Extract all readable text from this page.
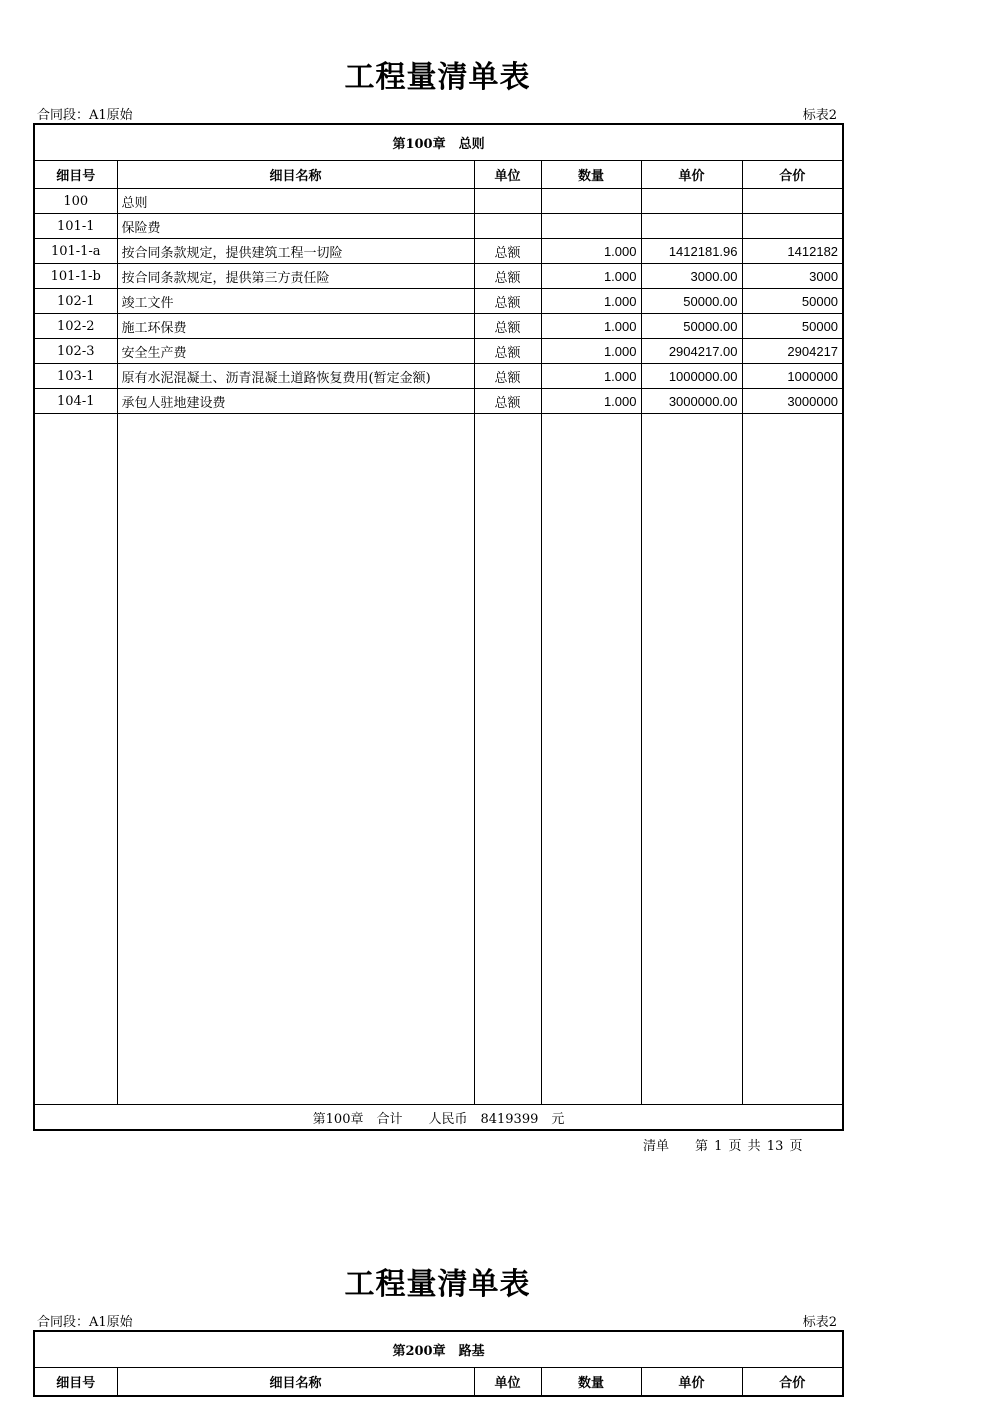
工程量清单表
合同段：A1原始	标表2
第100章　总则					
细目号	细目名称	单位	数量	单价	合价
100	总则				
101-1	保险费				
101-1-a	按合同条款规定，提供建筑工程一切险	总额	1.000	1412181.96	1412182
101-1-b	按合同条款规定，提供第三方责任险	总额	1.000	3000.00	3000
102-1	竣工文件	总额	1.000	50000.00	50000
102-2	施工环保费	总额	1.000	50000.00	50000
102-3	安全生产费	总额	1.000	2904217.00	2904217
103-1	原有水泥混凝土、沥青混凝土道路恢复费用(暂定金额)	总额	1.000	1000000.00	1000000
104-1	承包人驻地建设费	总额	1.000	3000000.00	3000000

第100章　合计　　人民币　8419399　元					
清单　　第 1 页 共 13 页
工程量清单表
合同段：A1原始	标表2
第200章　路基
细目号	细目名称	单位	数量	单价	合价
